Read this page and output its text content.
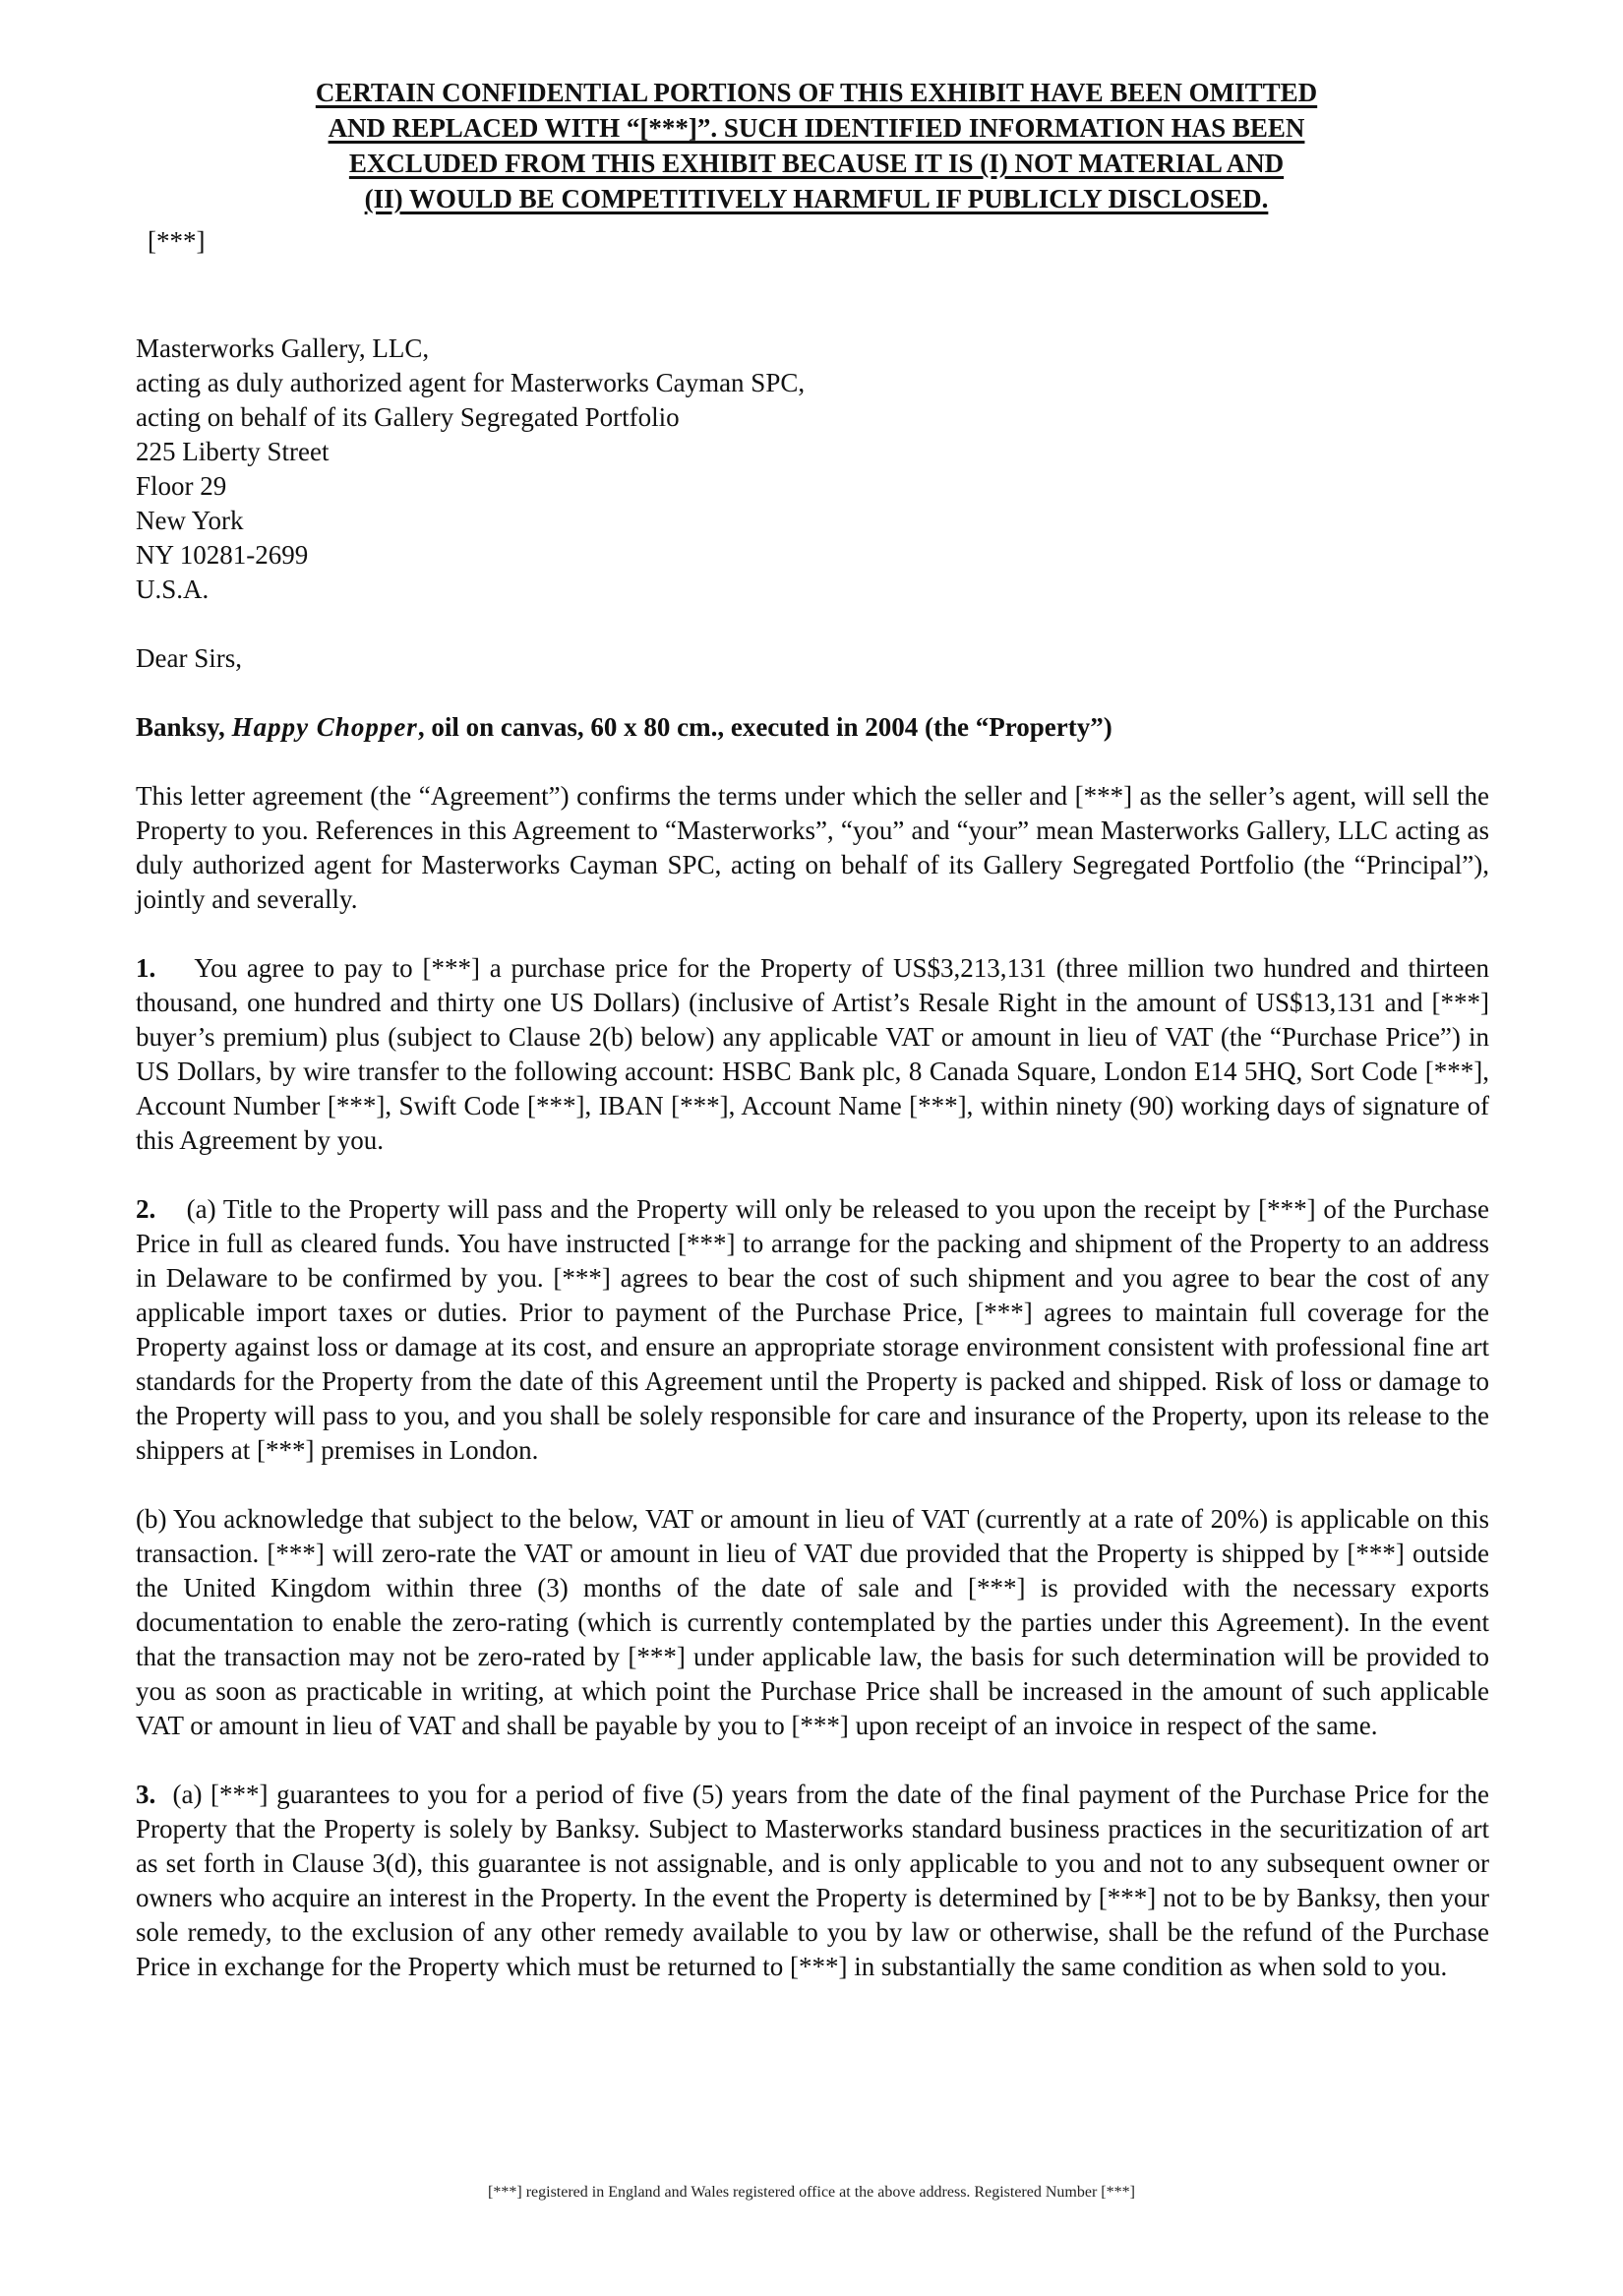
CERTAIN CONFIDENTIAL PORTIONS OF THIS EXHIBIT HAVE BEEN OMITTED
AND REPLACED WITH “[***]”. SUCH IDENTIFIED INFORMATION HAS BEEN
EXCLUDED FROM THIS EXHIBIT BECAUSE IT IS (I) NOT MATERIAL AND
(II) WOULD BE COMPETITIVELY HARMFUL IF PUBLICLY DISCLOSED.
[***]
Masterworks Gallery, LLC,
acting as duly authorized agent for Masterworks Cayman SPC,
acting on behalf of its Gallery Segregated Portfolio
225 Liberty Street
Floor 29
New York
NY 10281-2699
U.S.A.

Dear Sirs,

Banksy, Happy Chopper, oil on canvas, 60 x 80 cm., executed in 2004 (the “Property”)

This letter agreement (the “Agreement”) confirms the terms under which the seller and [***] as the seller’s agent, will sell the Property to you. References in this Agreement to “Masterworks”, “you” and “your” mean Masterworks Gallery, LLC acting as duly authorized agent for Masterworks Cayman SPC, acting on behalf of its Gallery Segregated Portfolio (the “Principal”), jointly and severally.

1. You agree to pay to [***] a purchase price for the Property of US$3,213,131 (three million two hundred and thirteen thousand, one hundred and thirty one US Dollars) (inclusive of Artist’s Resale Right in the amount of US$13,131 and [***] buyer’s premium) plus (subject to Clause 2(b) below) any applicable VAT or amount in lieu of VAT (the “Purchase Price”) in US Dollars, by wire transfer to the following account: HSBC Bank plc, 8 Canada Square, London E14 5HQ, Sort Code [***], Account Number [***], Swift Code [***], IBAN [***], Account Name [***], within ninety (90) working days of signature of this Agreement by you.

2. (a) Title to the Property will pass and the Property will only be released to you upon the receipt by [***] of the Purchase Price in full as cleared funds. You have instructed [***] to arrange for the packing and shipment of the Property to an address in Delaware to be confirmed by you. [***] agrees to bear the cost of such shipment and you agree to bear the cost of any applicable import taxes or duties. Prior to payment of the Purchase Price, [***] agrees to maintain full coverage for the Property against loss or damage at its cost, and ensure an appropriate storage environment consistent with professional fine art standards for the Property from the date of this Agreement until the Property is packed and shipped. Risk of loss or damage to the Property will pass to you, and you shall be solely responsible for care and insurance of the Property, upon its release to the shippers at [***] premises in London.

(b) You acknowledge that subject to the below, VAT or amount in lieu of VAT (currently at a rate of 20%) is applicable on this transaction. [***] will zero-rate the VAT or amount in lieu of VAT due provided that the Property is shipped by [***] outside the United Kingdom within three (3) months of the date of sale and [***] is provided with the necessary exports documentation to enable the zero-rating (which is currently contemplated by the parties under this Agreement). In the event that the transaction may not be zero-rated by [***] under applicable law, the basis for such determination will be provided to you as soon as practicable in writing, at which point the Purchase Price shall be increased in the amount of such applicable VAT or amount in lieu of VAT and shall be payable by you to [***] upon receipt of an invoice in respect of the same.

3. (a) [***] guarantees to you for a period of five (5) years from the date of the final payment of the Purchase Price for the Property that the Property is solely by Banksy. Subject to Masterworks standard business practices in the securitization of art as set forth in Clause 3(d), this guarantee is not assignable, and is only applicable to you and not to any subsequent owner or owners who acquire an interest in the Property. In the event the Property is determined by [***] not to be by Banksy, then your sole remedy, to the exclusion of any other remedy available to you by law or otherwise, shall be the refund of the Purchase Price in exchange for the Property which must be returned to [***] in substantially the same condition as when sold to you.

[***] registered in England and Wales registered office at the above address. Registered Number [***]
